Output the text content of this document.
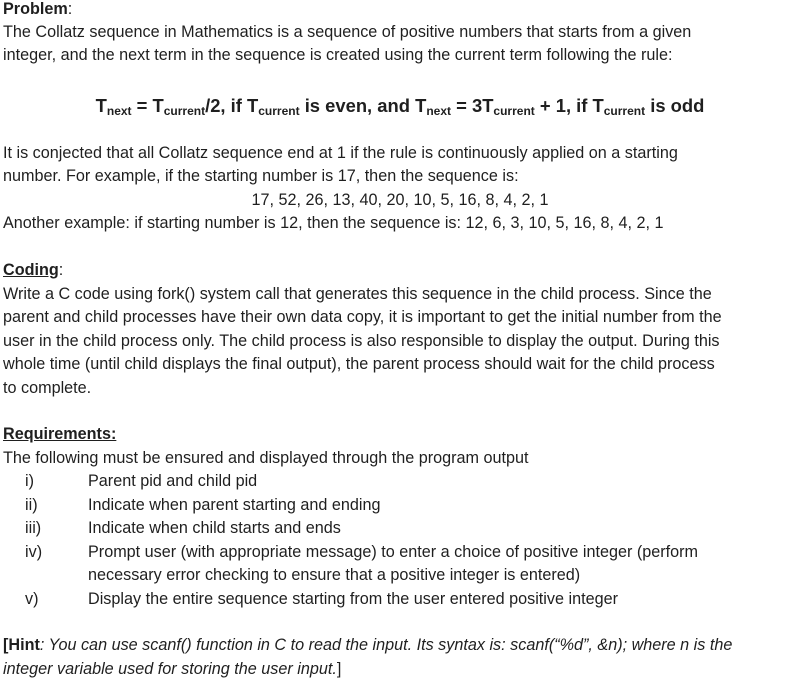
Problem:
The Collatz sequence in Mathematics is a sequence of positive numbers that starts from a given
integer, and the next term in the sequence is created using the current term following the rule:
$T_{next} = T_{current}/2$, if $T_{current}$ is even, and $T_{next} = 3T_{current} + 1$, if $T_{current}$ is odd
It is conjected that all Collatz sequence end at 1 if the rule is continuously applied on a starting
number. For example, if the starting number is 17, then the sequence is:
17, 52, 26, 13, 40, 20, 10, 5, 16, 8, 4, 2, 1
Another example: if starting number is 12, then the sequence is: 12, 6, 3, 10, 5, 16, 8, 4, 2, 1
Coding:
Write a C code using fork() system call that generates this sequence in the child process. Since the
parent and child processes have their own data copy, it is important to get the initial number from the
user in the child process only. The child process is also responsible to display the output. During this
whole time (until child displays the final output), the parent process should wait for the child process
to complete.
Requirements:
The following must be ensured and displayed through the program output
i)	Parent pid and child pid
ii)	Indicate when parent starting and ending
iii)	Indicate when child starts and ends
iv)	Prompt user (with appropriate message) to enter a choice of positive integer (perform
necessary error checking to ensure that a positive integer is entered)
v)	Display the entire sequence starting from the user entered positive integer
[Hint: You can use scanf() function in C to read the input. Its syntax is: scanf(“%d”, &n); where n is the
integer variable used for storing the user input.]
